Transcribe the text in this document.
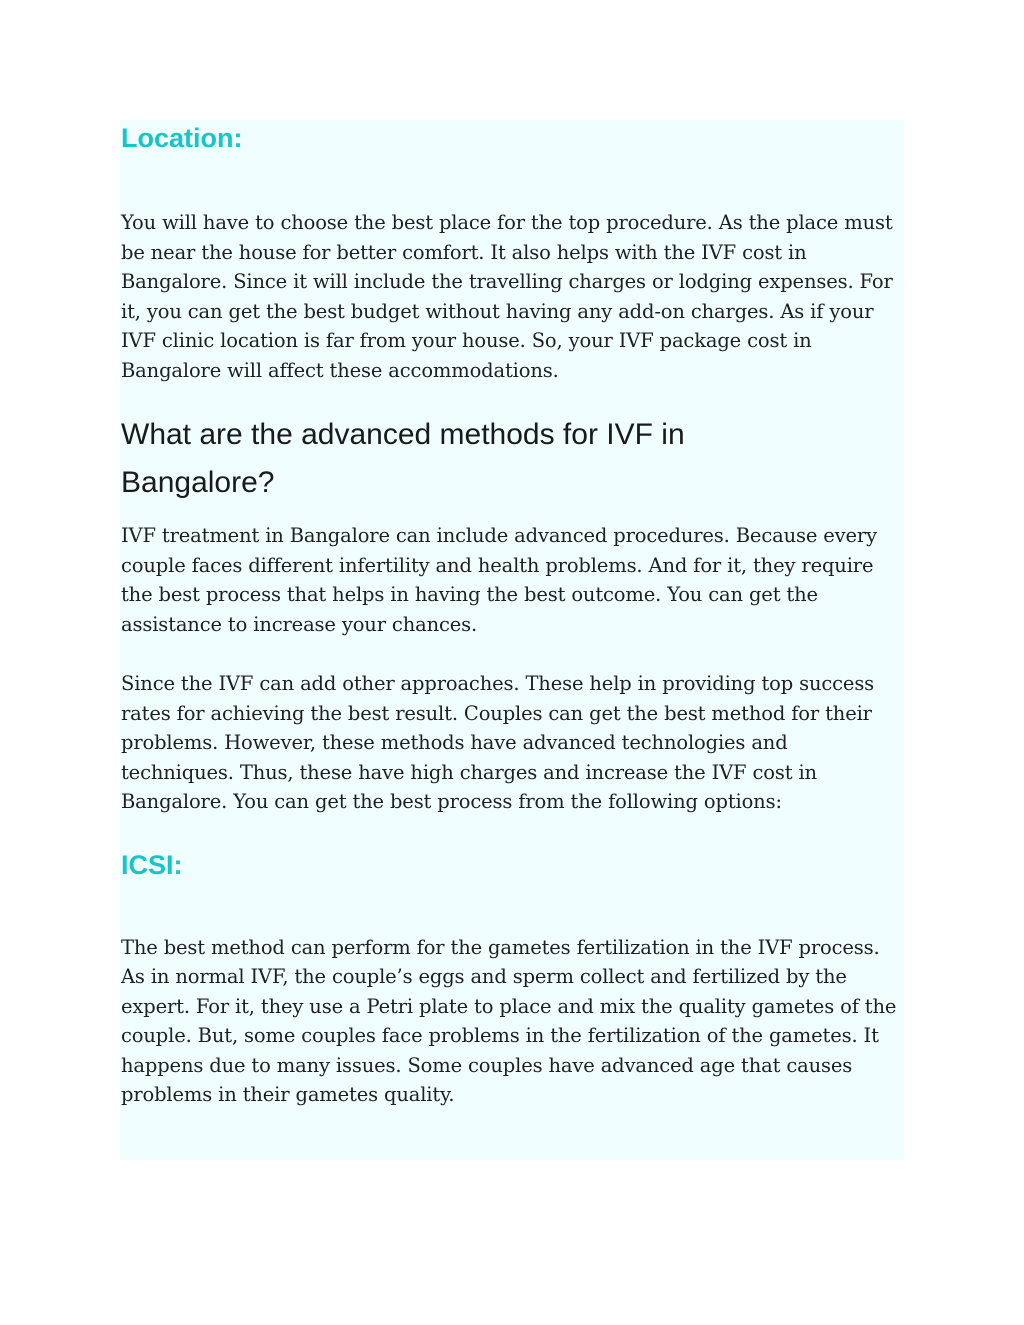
Location:

You will have to choose the best place for the top procedure. As the place must be near the house for better comfort. It also helps with the IVF cost in Bangalore. Since it will include the travelling charges or lodging expenses. For it, you can get the best budget without having any add-on charges. As if your IVF clinic location is far from your house. So, your IVF package cost in Bangalore will affect these accommodations.

What are the advanced methods for IVF in Bangalore?

IVF treatment in Bangalore can include advanced procedures. Because every couple faces different infertility and health problems. And for it, they require the best process that helps in having the best outcome. You can get the assistance to increase your chances.

Since the IVF can add other approaches. These help in providing top success rates for achieving the best result. Couples can get the best method for their problems. However, these methods have advanced technologies and techniques. Thus, these have high charges and increase the IVF cost in Bangalore. You can get the best process from the following options:

ICSI:

The best method can perform for the gametes fertilization in the IVF process. As in normal IVF, the couple’s eggs and sperm collect and fertilized by the expert. For it, they use a Petri plate to place and mix the quality gametes of the couple. But, some couples face problems in the fertilization of the gametes. It happens due to many issues. Some couples have advanced age that causes problems in their gametes quality.
